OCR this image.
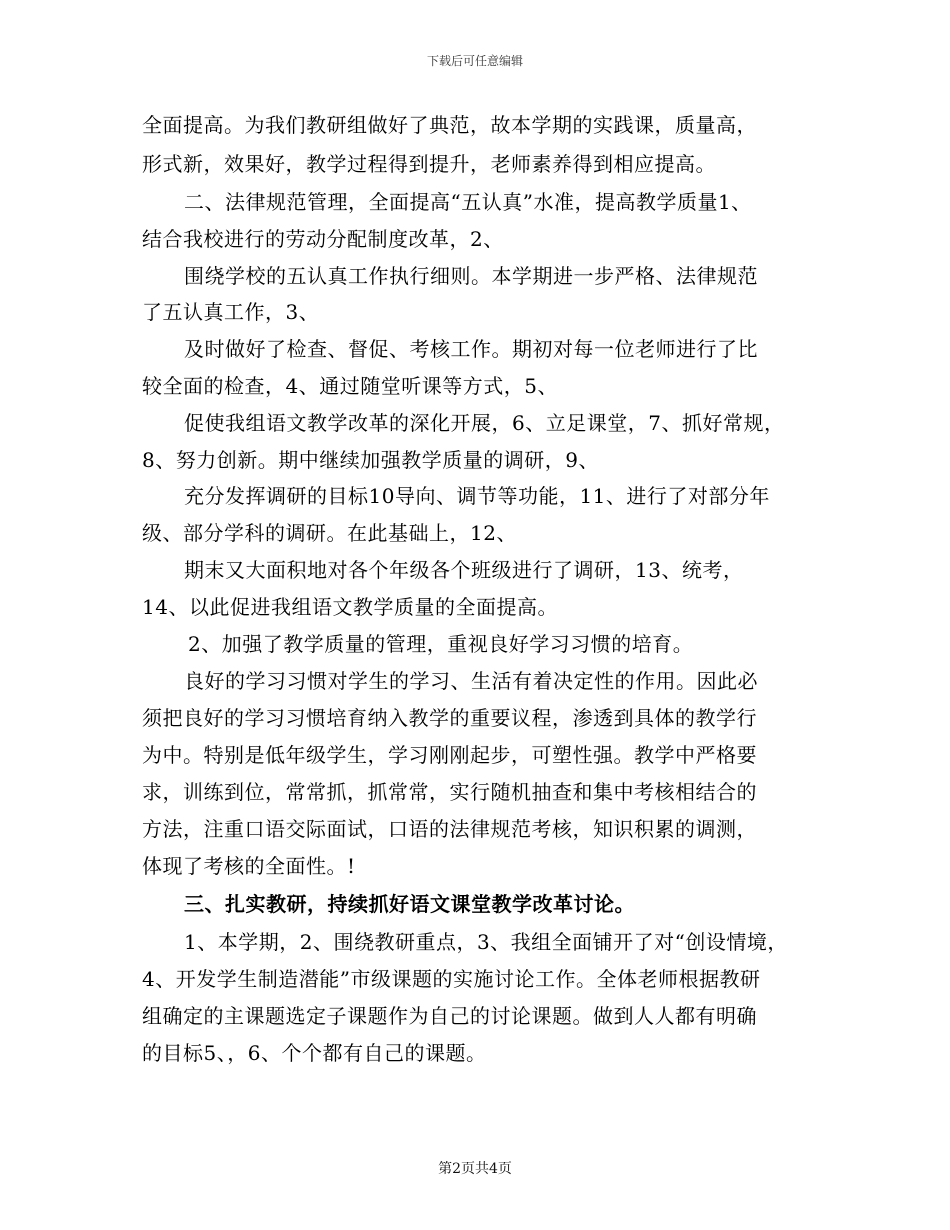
下载后可任意编辑
全面提高。为我们教研组做好了典范，故本学期的实践课，质量高，
形式新，效果好，教学过程得到提升，老师素养得到相应提高。
二、法律规范管理，全面提高“五认真”水准，提高教学质量1、
结合我校进行的劳动分配制度改革，2、
围绕学校的五认真工作执行细则。本学期进一步严格、法律规范
了五认真工作，3、
及时做好了检查、督促、考核工作。期初对每一位老师进行了比
较全面的检查，4、通过随堂听课等方式，5、
促使我组语文教学改革的深化开展，6、立足课堂，7、抓好常规，
8、努力创新。期中继续加强教学质量的调研，9、
充分发挥调研的目标10导向、调节等功能，11、进行了对部分年
级、部分学科的调研。在此基础上，12、
期末又大面积地对各个年级各个班级进行了调研，13、统考，
14、以此促进我组语文教学质量的全面提高。
2、加强了教学质量的管理，重视良好学习习惯的培育。
良好的学习习惯对学生的学习、生活有着决定性的作用。因此必
须把良好的学习习惯培育纳入教学的重要议程，渗透到具体的教学行
为中。特别是低年级学生，学习刚刚起步，可塑性强。教学中严格要
求，训练到位，常常抓，抓常常，实行随机抽查和集中考核相结合的
方法，注重口语交际面试，口语的法律规范考核，知识积累的调测，
体现了考核的全面性。!
三、扎实教研，持续抓好语文课堂教学改革讨论。
1、本学期，2、围绕教研重点，3、我组全面铺开了对“创设情境，
4、开发学生制造潜能”市级课题的实施讨论工作。全体老师根据教研
组确定的主课题选定子课题作为自己的讨论课题。做到人人都有明确
的目标5、，6、个个都有自己的课题。
第2页共4页
